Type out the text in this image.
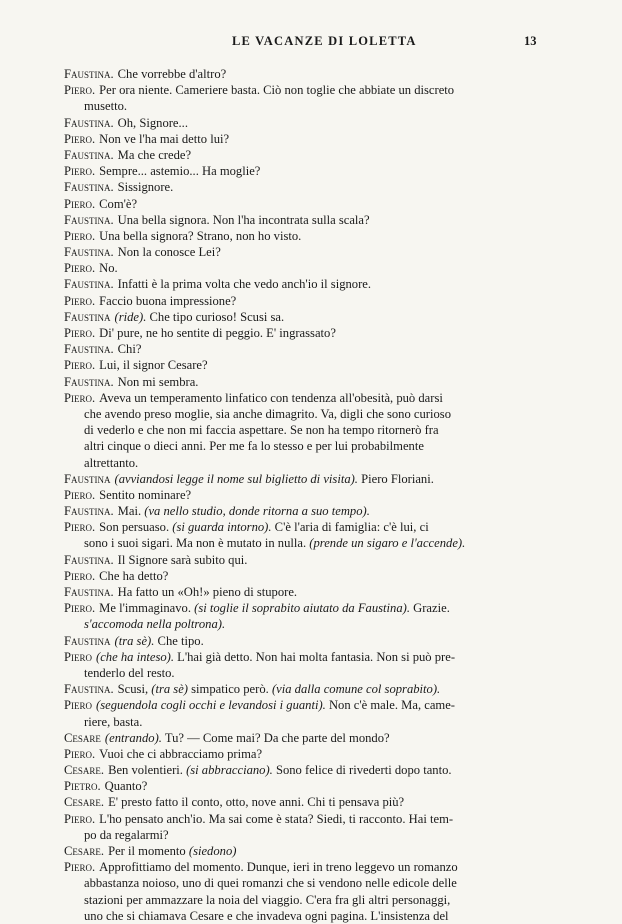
LE VACANZE DI LOLETTA	13
Faustina. Che vorrebbe d'altro?
Piero. Per ora niente. Cameriere basta. Ciò non toglie che abbiate un discreto
musetto.
Faustina. Oh, Signore...
Piero. Non ve l'ha mai detto lui?
Faustina. Ma che crede?
Piero. Sempre... astemio... Ha moglie?
Faustina. Sissignore.
Piero. Com'è?
Faustina. Una bella signora. Non l'ha incontrata sulla scala?
Piero. Una bella signora? Strano, non ho visto.
Faustina. Non la conosce Lei?
Piero. No.
Faustina. Infatti è la prima volta che vedo anch'io il signore.
Piero. Faccio buona impressione?
Faustina (ride). Che tipo curioso! Scusi sa.
Piero. Di' pure, ne ho sentite di peggio. E' ingrassato?
Faustina. Chi?
Piero. Lui, il signor Cesare?
Faustina. Non mi sembra.
Piero. Aveva un temperamento linfatico con tendenza all'obesità, può darsi
che avendo preso moglie, sia anche dimagrito. Va, digli che sono curioso
di vederlo e che non mi faccia aspettare. Se non ha tempo ritornerò fra
altri cinque o dieci anni. Per me fa lo stesso e per lui probabilmente
altrettanto.
Faustina (avviandosi legge il nome sul biglietto di visita). Piero Floriani.
Piero. Sentito nominare?
Faustina. Mai. (va nello studio, donde ritorna a suo tempo).
Piero. Son persuaso. (si guarda intorno). C'è l'aria di famiglia: c'è lui, ci
sono i suoi sigari. Ma non è mutato in nulla. (prende un sigaro e l'accende).
Faustina. Il Signore sarà subito qui.
Piero. Che ha detto?
Faustina. Ha fatto un «Oh!» pieno di stupore.
Piero. Me l'immaginavo. (si toglie il soprabito aiutato da Faustina). Grazie.
s'accomoda nella poltrona).
Faustina (tra sè). Che tipo.
Piero (che ha inteso). L'hai già detto. Non hai molta fantasia. Non si può pre-
tenderlo del resto.
Faustina. Scusi, (tra sè) simpatico però. (via dalla comune col soprabito).
Piero (seguendola cogli occhi e levandosi i guanti). Non c'è male. Ma, came-
riere, basta.
Cesare (entrando). Tu? — Come mai? Da che parte del mondo?
Piero. Vuoi che ci abbracciamo prima?
Cesare. Ben volentieri. (si abbracciano). Sono felice di rivederti dopo tanto.
Pietro. Quanto?
Cesare. E' presto fatto il conto, otto, nove anni. Chi ti pensava più?
Piero. L'ho pensato anch'io. Ma sai come è stata? Siedi, ti racconto. Hai tem-
po da regalarmi?
Cesare. Per il momento (siedono)
Piero. Approfittiamo del momento. Dunque, ieri in treno leggevo un romanzo
abbastanza noioso, uno di quei romanzi che si vendono nelle edicole delle
stazioni per ammazzare la noia del viaggio. C'era fra gli altri personaggi,
uno che si chiamava Cesare e che invadeva ogni pagina. L'insistenza del
